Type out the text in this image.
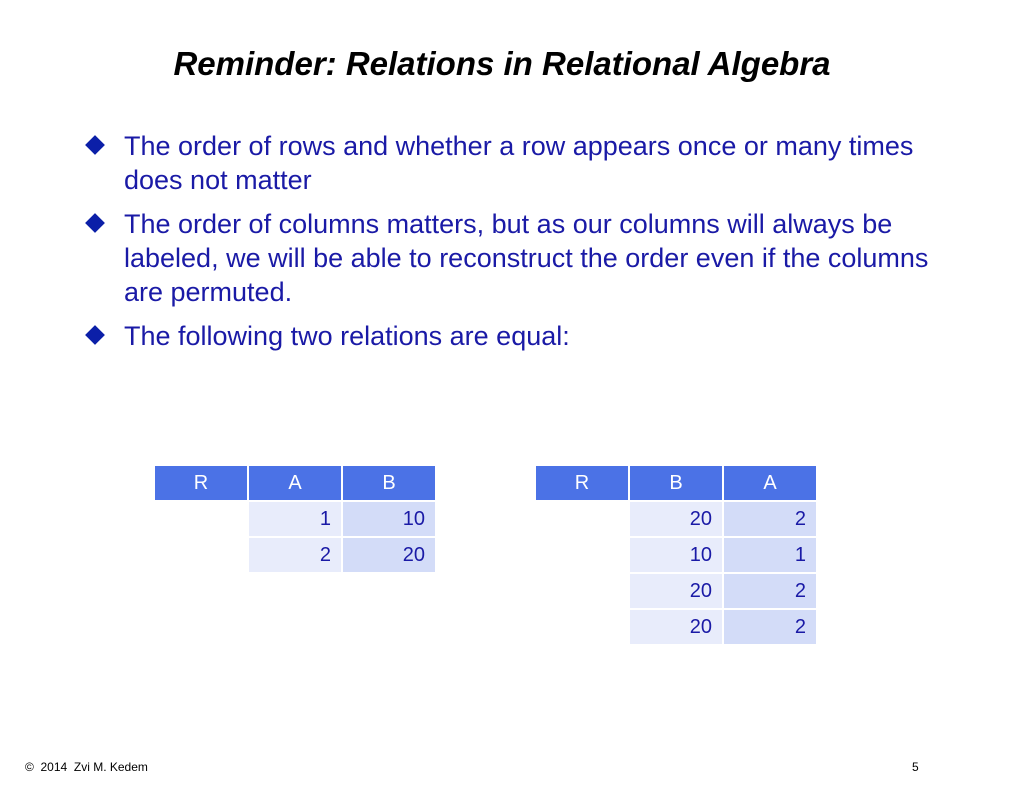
Reminder: Relations in Relational Algebra
The order of rows and whether a row appears once or many times does not matter
The order of columns matters, but as our columns will always be labeled, we will be able to reconstruct the order even if the columns are permuted.
The following two relations are equal:
R	A	B
	1	10
	2	20
R	B	A
	20	2
	10	1
	20	2
	20	2
©  2014  Zvi M. Kedem	5
